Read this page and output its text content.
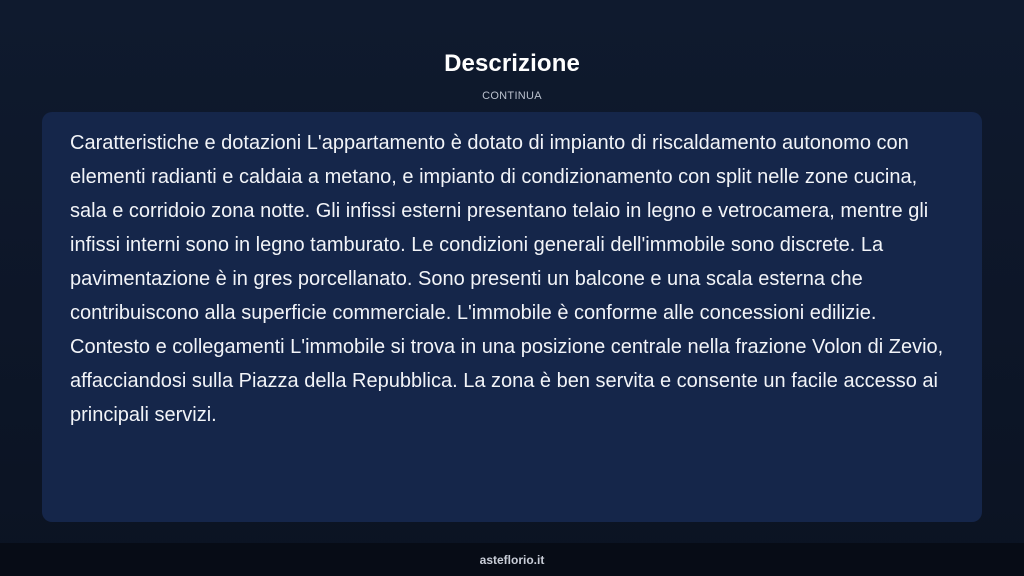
Descrizione
CONTINUA

Caratteristiche e dotazioni L'appartamento è dotato di impianto di riscaldamento autonomo con elementi radianti e caldaia a metano, e impianto di condizionamento con split nelle zone cucina, sala e corridoio zona notte. Gli infissi esterni presentano telaio in legno e vetrocamera, mentre gli infissi interni sono in legno tamburato. Le condizioni generali dell'immobile sono discrete. La pavimentazione è in gres porcellanato. Sono presenti un balcone e una scala esterna che contribuiscono alla superficie commerciale. L'immobile è conforme alle concessioni edilizie. Contesto e collegamenti L'immobile si trova in una posizione centrale nella frazione Volon di Zevio, affacciandosi sulla Piazza della Repubblica. La zona è ben servita e consente un facile accesso ai principali servizi.

asteflorio.it
